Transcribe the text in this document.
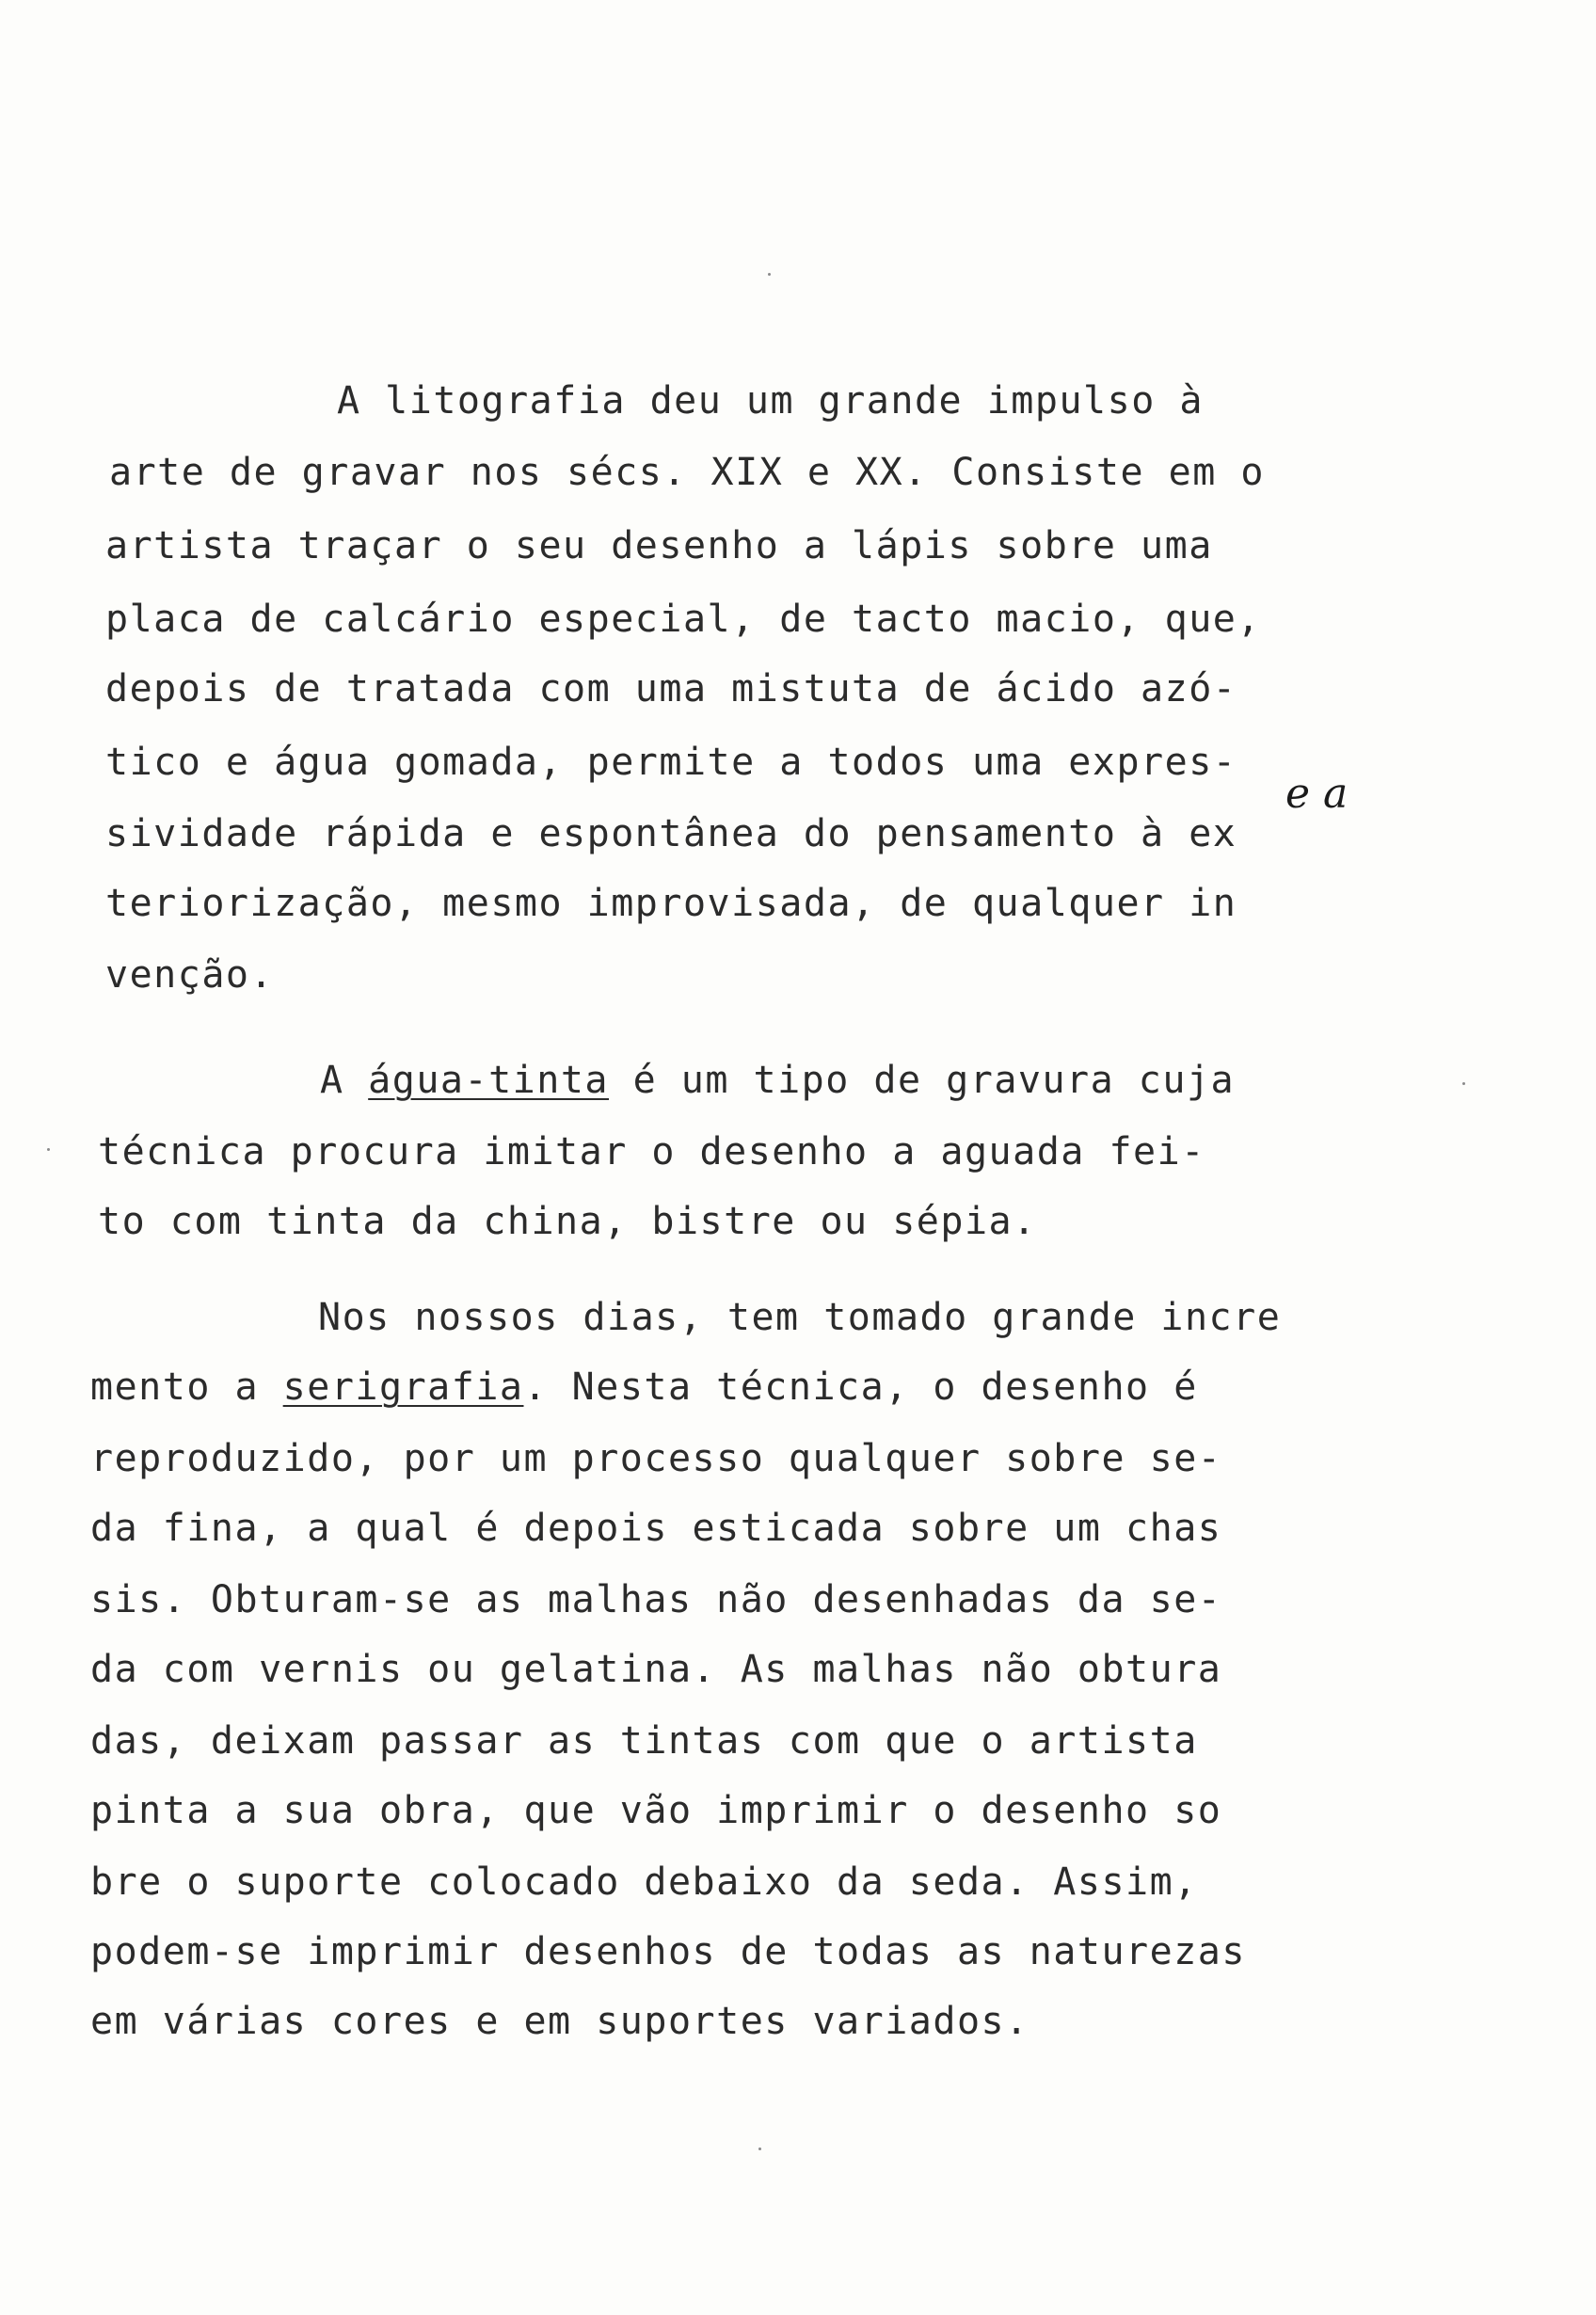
A litografia deu um grande impulso à
arte de gravar nos sécs. XIX e XX. Consiste em o
artista traçar o seu desenho a lápis sobre uma
placa de calcário especial, de tacto macio, que,
depois de tratada com uma mistuta de ácido azó-
tico e água gomada, permite a todos uma expres-
sividade rápida e espontânea do pensamento à ex
teriorização, mesmo improvisada, de qualquer in
venção.
e a
A água-tinta é um tipo de gravura cuja
técnica procura imitar o desenho a aguada fei-
to com tinta da china, bistre ou sépia.
Nos nossos dias, tem tomado grande incre
mento a serigrafia. Nesta técnica, o desenho é
reproduzido, por um processo qualquer sobre se-
da fina, a qual é depois esticada sobre um chas
sis. Obturam-se as malhas não desenhadas da se-
da com vernis ou gelatina. As malhas não obtura
das, deixam passar as tintas com que o artista
pinta a sua obra, que vão imprimir o desenho so
bre o suporte colocado debaixo da seda. Assim,
podem-se imprimir desenhos de todas as naturezas
em várias cores e em suportes variados.
